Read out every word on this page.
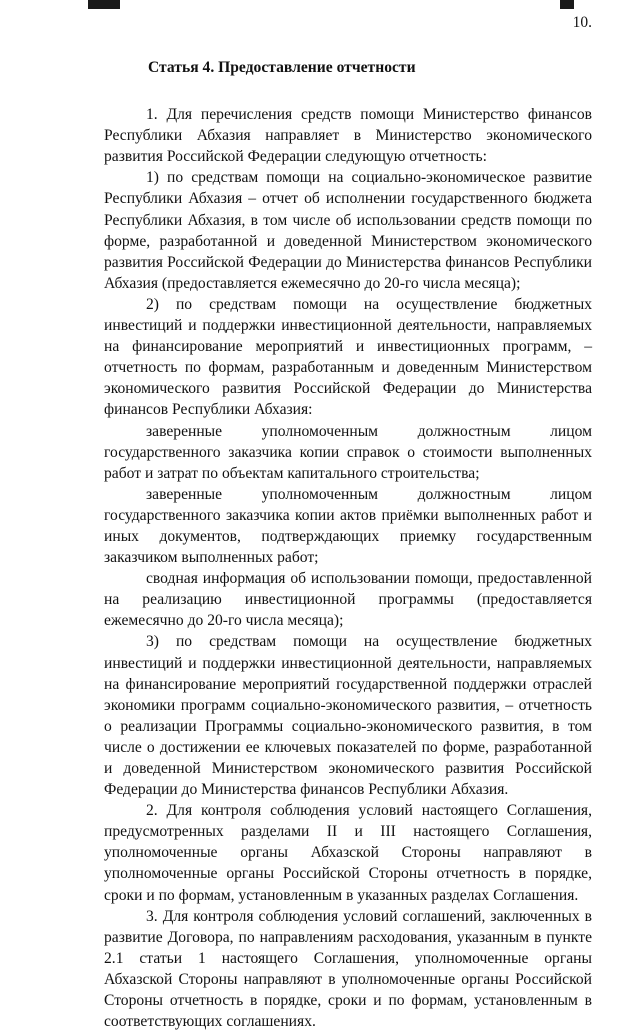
10.

Статья 4. Предоставление отчетности

1. Для перечисления средств помощи Министерство финансов Республики Абхазия направляет в Министерство экономического развития Российской Федерации следующую отчетность:

1) по средствам помощи на социально-экономическое развитие Республики Абхазия – отчет об исполнении государственного бюджета Республики Абхазия, в том числе об использовании средств помощи по форме, разработанной и доведенной Министерством экономического развития Российской Федерации до Министерства финансов Республики Абхазия (предоставляется ежемесячно до 20-го числа месяца);

2) по средствам помощи на осуществление бюджетных инвестиций и поддержки инвестиционной деятельности, направляемых на финансирование мероприятий и инвестиционных программ, – отчетность по формам, разработанным и доведенным Министерством экономического развития Российской Федерации до Министерства финансов Республики Абхазия:

заверенные уполномоченным должностным лицом государственного заказчика копии справок о стоимости выполненных работ и затрат по объектам капитального строительства;

заверенные уполномоченным должностным лицом государственного заказчика копии актов приёмки выполненных работ и иных документов, подтверждающих приемку государственным заказчиком выполненных работ;

сводная информация об использовании помощи, предоставленной на реализацию инвестиционной программы (предоставляется ежемесячно до 20-го числа месяца);

3) по средствам помощи на осуществление бюджетных инвестиций и поддержки инвестиционной деятельности, направляемых на финансирование мероприятий государственной поддержки отраслей экономики программ социально-экономического развития, – отчетность о реализации Программы социально-экономического развития, в том числе о достижении ее ключевых показателей по форме, разработанной и доведенной Министерством экономического развития Российской Федерации до Министерства финансов Республики Абхазия.

2. Для контроля соблюдения условий настоящего Соглашения, предусмотренных разделами II и III настоящего Соглашения, уполномоченные органы Абхазской Стороны направляют в уполномоченные органы Российской Стороны отчетность в порядке, сроки и по формам, установленным в указанных разделах Соглашения.

3. Для контроля соблюдения условий соглашений, заключенных в развитие Договора, по направлениям расходования, указанным в пункте 2.1 статьи 1 настоящего Соглашения, уполномоченные органы Абхазской Стороны направляют в уполномоченные органы Российской Стороны отчетность в порядке, сроки и по формам, установленным в соответствующих соглашениях.
